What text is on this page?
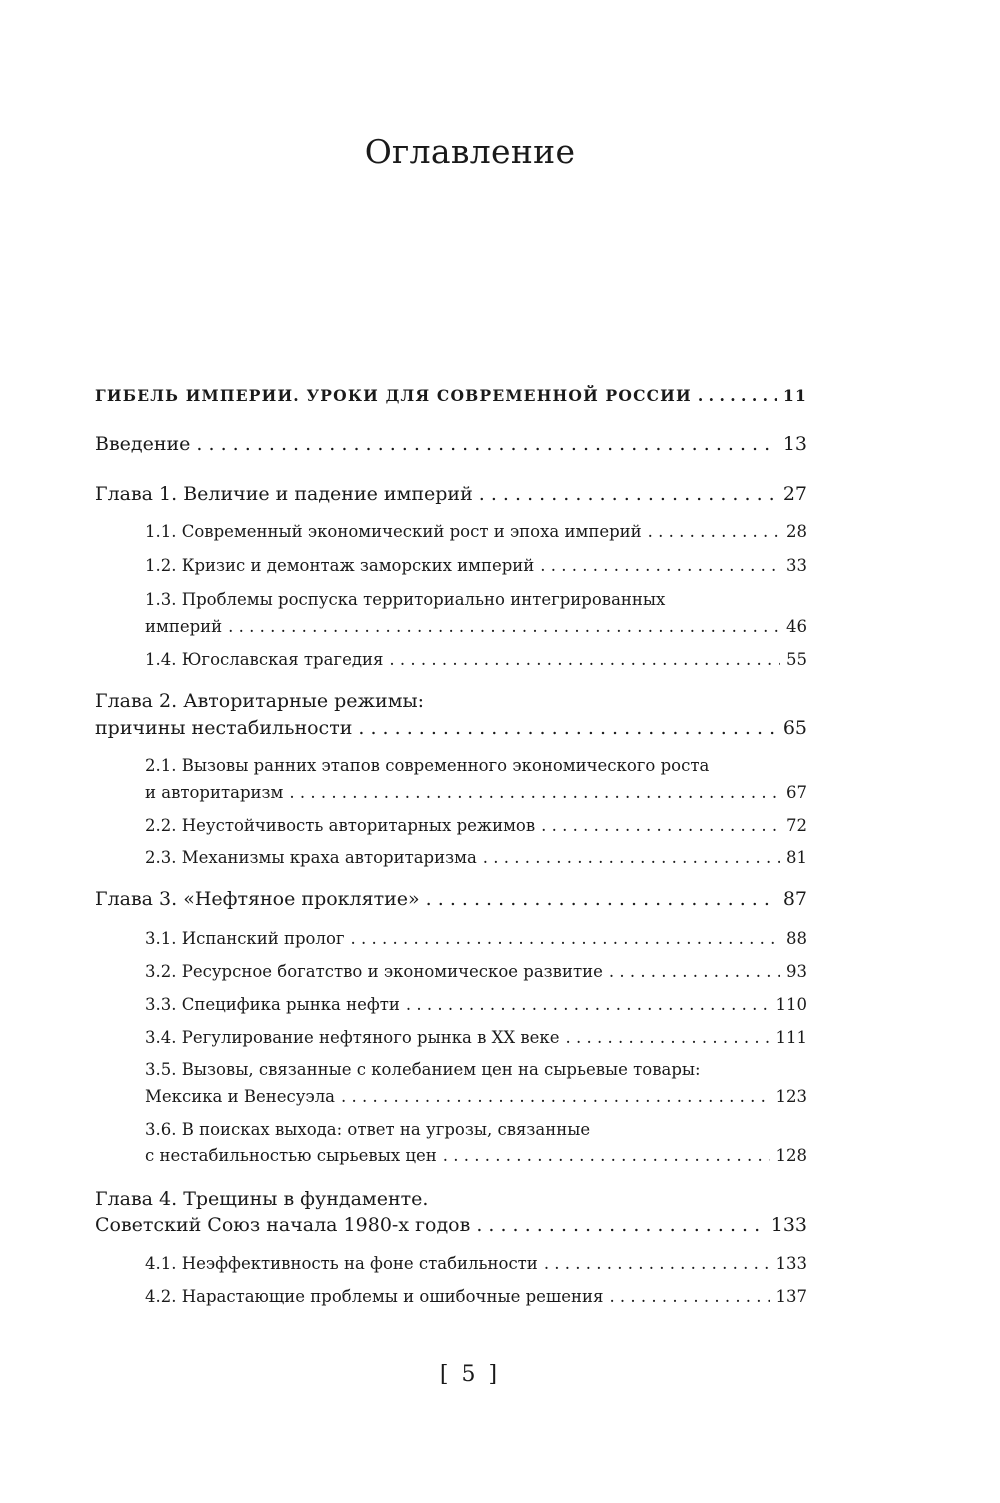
Оглавление
ГИБЕЛЬ ИМПЕРИИ. УРОКИ ДЛЯ СОВРЕМЕННОЙ РОССИИ . . .	11
Введение . . .	13
Глава 1. Величие и падение империй . . .	27
1.1. Современный экономический рост и эпоха империй . . .	28
1.2. Кризис и демонтаж заморских империй . . .	33
1.3. Проблемы роспуска территориально интегрированных
империй . . .	46
1.4. Югославская трагедия . . .	55
Глава 2. Авторитарные режимы:
причины нестабильности . . .	65
2.1. Вызовы ранних этапов современного экономического роста
и авторитаризм . . .	67
2.2. Неустойчивость авторитарных режимов . . .	72
2.3. Механизмы краха авторитаризма . . .	81
Глава 3. «Нефтяное проклятие» . . .	87
3.1. Испанский пролог . . .	88
3.2. Ресурсное богатство и экономическое развитие . . .	93
3.3. Специфика рынка нефти . . .	110
3.4. Регулирование нефтяного рынка в XX веке . . .	111
3.5. Вызовы, связанные с колебанием цен на сырьевые товары:
Мексика и Венесуэла . . .	123
3.6. В поисках выхода: ответ на угрозы, связанные
с нестабильностью сырьевых цен . . .	128
Глава 4. Трещины в фундаменте.
Советский Союз начала 1980-х годов . . .	133
4.1. Неэффективность на фоне стабильности . . .	133
4.2. Нарастающие проблемы и ошибочные решения . . .	137
[ 5 ]
